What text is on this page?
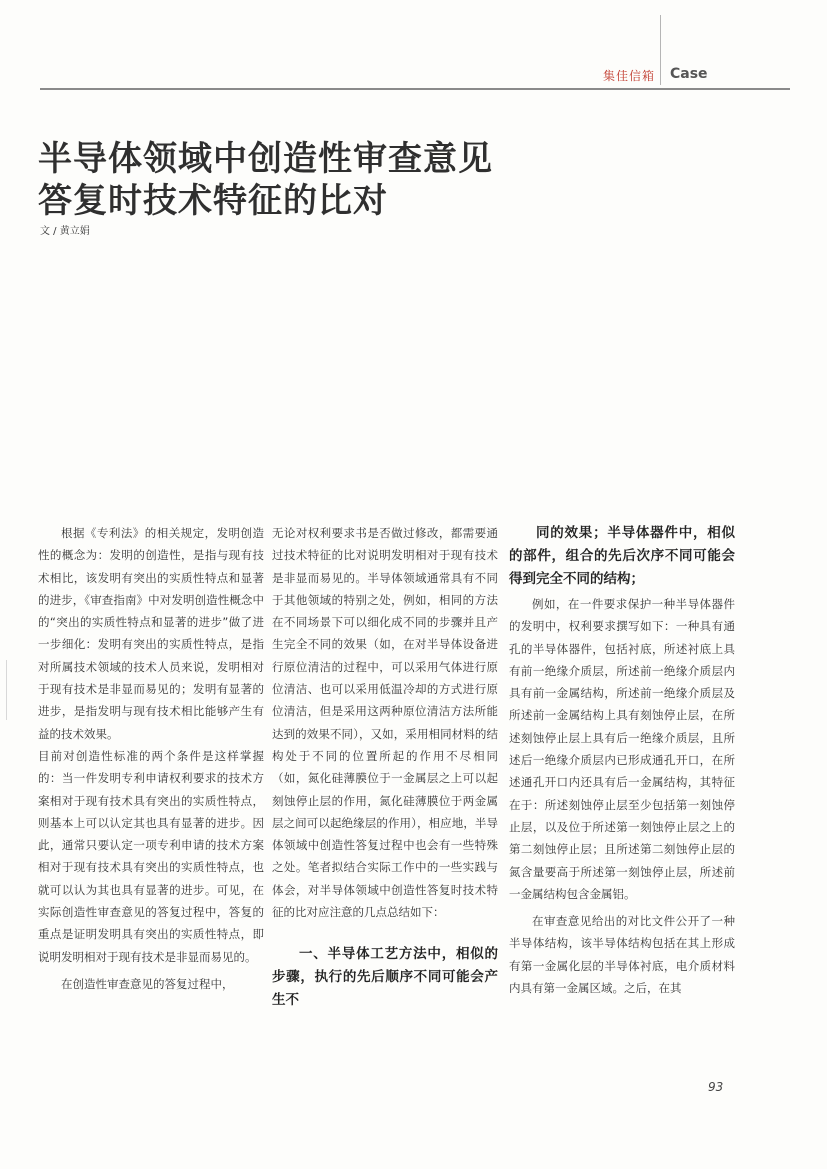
集佳信箱 Case
半导体领域中创造性审查意见
答复时技术特征的比对
文 / 黄立娟

根据《专利法》的相关规定，发明创造性的概念为：发明的创造性，是指与现有技术相比，该发明有突出的实质性特点和显著的进步，《审查指南》中对发明创造性概念中的“突出的实质性特点和显著的进步”做了进一步细化：发明有突出的实质性特点，是指对所属技术领域的技术人员来说，发明相对于现有技术是非显而易见的；发明有显著的进步，是指发明与现有技术相比能够产生有益的技术效果。

目前对创造性标准的两个条件是这样掌握的：当一件发明专利申请权利要求的技术方案相对于现有技术具有突出的实质性特点，则基本上可以认定其也具有显著的进步。因此，通常只要认定一项专利申请的技术方案相对于现有技术具有突出的实质性特点，也就可以认为其也具有显著的进步。可见，在实际创造性审查意见的答复过程中，答复的重点是证明发明具有突出的实质性特点，即说明发明相对于现有技术是非显而易见的。

在创造性审查意见的答复过程中，

无论对权利要求书是否做过修改，都需要通过技术特征的比对说明发明相对于现有技术是非显而易见的。半导体领域通常具有不同于其他领域的特别之处，例如，相同的方法在不同场景下可以细化成不同的步骤并且产生完全不同的效果（如，在对半导体设备进行原位清洁的过程中，可以采用气体进行原位清洁、也可以采用低温冷却的方式进行原位清洁，但是采用这两种原位清洁方法所能达到的效果不同），又如，采用相同材料的结构处于不同的位置所起的作用不尽相同（如，氮化硅薄膜位于一金属层之上可以起刻蚀停止层的作用，氮化硅薄膜位于两金属层之间可以起绝缘层的作用），相应地，半导体领域中创造性答复过程中也会有一些特殊之处。笔者拟结合实际工作中的一些实践与体会，对半导体领域中创造性答复时技术特征的比对应注意的几点总结如下：

一、半导体工艺方法中，相似的步骤，执行的先后顺序不同可能会产生不

同的效果；半导体器件中，相似的部件，组合的先后次序不同可能会得到完全不同的结构；

例如，在一件要求保护一种半导体器件的发明中，权利要求撰写如下：一种具有通孔的半导体器件，包括衬底，所述衬底上具有前一绝缘介质层，所述前一绝缘介质层内具有前一金属结构，所述前一绝缘介质层及所述前一金属结构上具有刻蚀停止层，在所述刻蚀停止层上具有后一绝缘介质层，且所述后一绝缘介质层内已形成通孔开口，在所述通孔开口内还具有后一金属结构，其特征在于：所述刻蚀停止层至少包括第一刻蚀停止层，以及位于所述第一刻蚀停止层之上的第二刻蚀停止层；且所述第二刻蚀停止层的氮含量要高于所述第一刻蚀停止层，所述前一金属结构包含金属铝。

在审查意见给出的对比文件公开了一种半导体结构，该半导体结构包括在其上形成有第一金属化层的半导体衬底，电介质材料内具有第一金属区域。之后，在其

93
